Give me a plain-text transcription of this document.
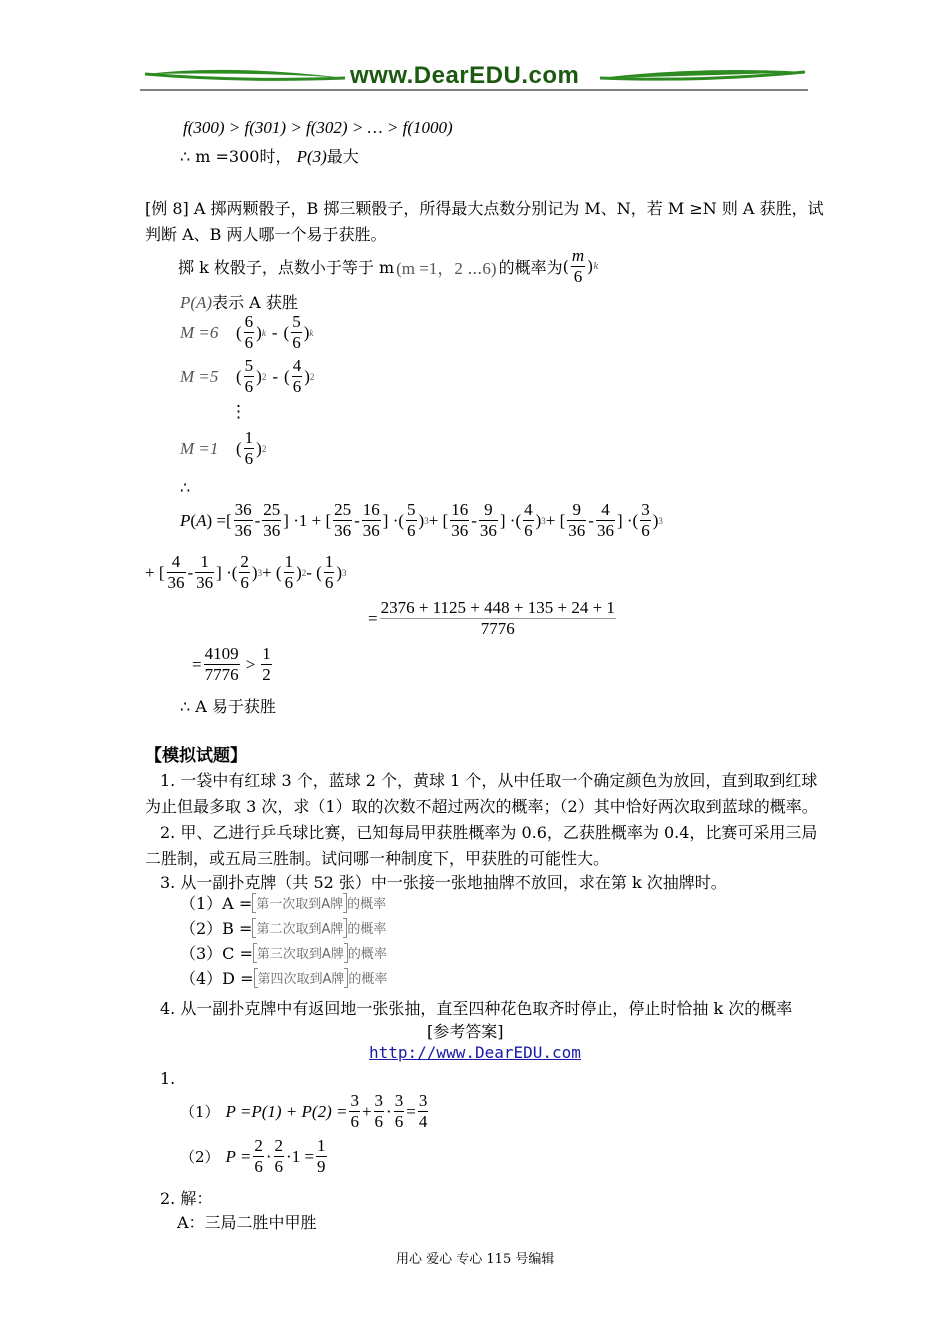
www.DearEDU.com
f(300) > f(301) > f(302) > … > f(1000)
∴ m =300时， P(3)最大
[例 8] A 掷两颗骰子，B 掷三颗骰子，所得最大点数分别记为 M、N，若 M ≥N 则 A 获胜，试
判断 A、B 两人哪一个易于获胜。
掷 k 枚骰子，点数小于等于 m (m =1，2 ⋯6) 的概率为 ( $\frac{m}{6}$ ) k
P(A)表示 A 获胜
M =6	( $\frac{6}{6}$ ) k - ( $\frac{5}{6}$ ) k
M =5	( $\frac{5}{6}$ ) 2 - ( $\frac{4}{6}$ ) 2
⋮
M =1	( $\frac{1}{6}$ ) 2
∴
P ( A ) =[ $\frac{36}{36} - \frac{25}{36}$ ] ·1 + [ $\frac{25}{36} - \frac{16}{36}$ ] ·( $\frac{5}{6}$ ) 3 + [ $\frac{16}{36} - \frac{9}{36}$ ] ·( $\frac{4}{6}$ ) 3 + [ $\frac{9}{36} - \frac{4}{36}$ ] ·( $\frac{3}{6}$ ) 3
+ [ $\frac{4}{36} - \frac{1}{36}$ ] ·( $\frac{2}{6}$ ) 3 + ( $\frac{1}{6}$ ) 2 - ( $\frac{1}{6}$ ) 3
= $\frac{2376 + 1125 + 448 + 135 + 24 + 1}{7776}$
= $\frac{4109}{7776} > \frac{1}{2}$
∴ A 易于获胜
【模拟试题】
1. 一袋中有红球 3 个，蓝球 2 个，黄球 1 个，从中任取一个确定颜色为放回，直到取到红球
为止但最多取 3 次，求（1）取的次数不超过两次的概率；（2）其中恰好两次取到蓝球的概率。
2. 甲、乙进行乒乓球比赛，已知每局甲获胜概率为 0.6，乙获胜概率为 0.4，比赛可采用三局
二胜制，或五局三胜制。试问哪一种制度下，甲获胜的可能性大。
3. 从一副扑克牌（共 52 张）中一张接一张地抽牌不放回，求在第 k 次抽牌时。
（1）A = 第一次取到A牌 的概率
（2）B = 第二次取到A牌 的概率
（3）C = 第三次取到A牌 的概率
（4）D = 第四次取到A牌 的概率
4. 从一副扑克牌中有返回地一张张抽，直至四种花色取齐时停止，停止时恰抽 k 次的概率
[参考答案]
http://www.DearEDU.com
1.
（1） $P =P(1) + P(2) = \frac{3}{6} + \frac{3}{6} \cdot \frac{3}{6} = \frac{3}{4}$
（2） $P = \frac{2}{6} \cdot \frac{2}{6} \cdot 1 = \frac{1}{9}$
2. 解：
A：三局二胜中甲胜
用心 爱心 专心 115 号编辑
